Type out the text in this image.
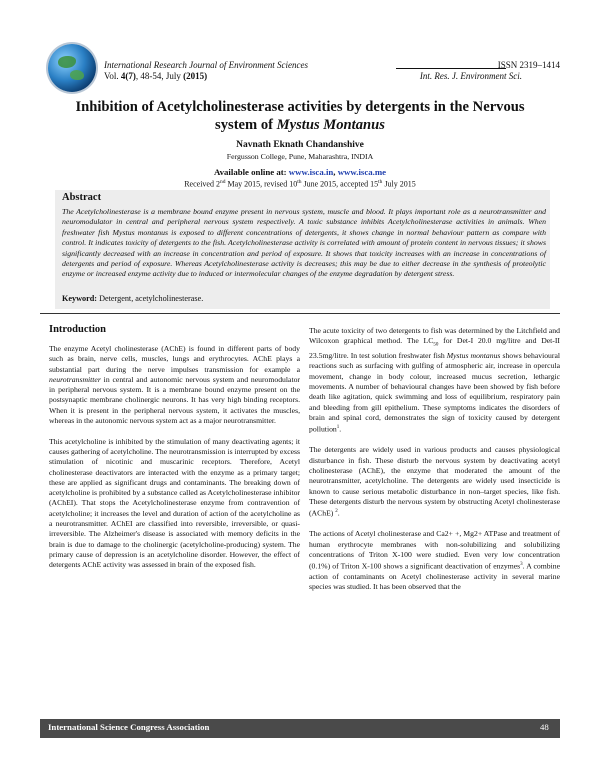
International Research Journal of Environment Sciences	ISSN 2319–1414
Vol. 4(7), 48-54, July (2015)	Int. Res. J. Environment Sci.
Inhibition of Acetylcholinesterase activities by detergents in the Nervous
system of Mystus Montanus
Navnath Eknath Chandanshive
Fergusson College, Pune, Maharashtra, INDIA
Available online at: www.isca.in, www.isca.me
Received 2nd May 2015, revised 10th June 2015, accepted 15th July 2015
Abstract
The Acetylcholinesterase is a membrane bound enzyme present in nervous system, muscle and blood. It plays important role as a neurotransmitter and neuromodulator in central and peripheral nervous system respectively. A toxic substance inhibits Acetylcholinesterase activities in animals. When freshwater fish Mystus montanus is exposed to different concentrations of detergents, it shows change in normal behaviour pattern as compare with control. It indicates toxicity of detergents to the fish. Acetylcholinesterase activity is correlated with amount of protein content in nervous tissues; it shows significantly decreased with an increase in concentration and period of exposure. It shows that toxicity increases with an increase in concentrations of detergents and period of exposure. Whereas Acetylcholinesterase activity is decreases; this may be due to either decrease in the synthesis of proteolytic enzyme or increased enzyme activity due to induced or intermolecular changes of the enzyme degradation by detergent stress.
Keyword: Detergent, acetylcholinesterase.
Introduction

The enzyme Acetyl cholinesterase (AChE) is found in different parts of body such as brain, nerve cells, muscles, lungs and erythrocytes. AChE plays a substantial part during the nerve impulses transmission for example a neurotransmitter in central and autonomic nervous system and neuromodulator in peripheral nervous system. It is a membrane bound enzyme present on the postsynaptic membrane cholinergic neurons. It has very high binding receptors. When it is present in the peripheral nervous system, it activates the muscles, whereas in the autonomic nervous system act as a major neurotransmitter.

This acetylcholine is inhibited by the stimulation of many deactivating agents; it causes gathering of acetylcholine. The neurotransmission is interrupted by excess stimulation of nicotinic and muscarinic receptors. Therefore, Acetyl cholinesterase deactivators are interacted with the enzyme as a primary target; these are applied as significant drugs and contaminants. The breaking down of acetylcholine is prohibited by a substance called as Acetylcholinesterase inhibitor (AChEI). That stops the Acetylcholinesterase enzyme from contravention of acetylcholine; it increases the level and duration of action of the acetylcholine as a neurotransmitter. AChEI are classified into reversible, irreversible, or quasi-irreversible. The Alzheimer's disease is associated with memory deficits in the brain is due to damage to the cholinergic (acetylcholine-producing) system. The primary cause of depression is an acetylcholine disorder. However, the effect of detergents AChE activity was assessed in brain of the exposed fish.

The acute toxicity of two detergents to fish was determined by the Litchfield and Wilcoxon graphical method. The $LC_{50}$ for Det-I 20.0 mg/litre and Det-II 23.5mg/litre. In test solution freshwater fish Mystus montanus shows behavioural reactions such as surfacing with gulfing of atmospheric air, increase in opercula movement, change in body colour, increased mucus secretion, lethargic movements. A number of behavioural changes have been showed by fish before death like agitation, quick swimming and loss of equilibrium, respiratory pain and bleeding from gill epithelium. These symptoms indicates the disorders of brain and spinal cord, demonstrates the sign of toxicity caused by detergent pollution$^1$.

The detergents are widely used in various products and causes physiological disturbance in fish. These disturb the nervous system by deactivating acetyl cholinesterase (AChE), the enzyme that moderated the amount of the neurotransmitter, acetylcholine. The detergents are widely used insecticide is known to cause serious metabolic disturbance in non–target species, like fish. These detergents disturb the nervous system by obstructing Acetyl cholinesterase (AChE) $^2$.

The actions of Acetyl cholinesterase and Ca2+ +, Mg2+ ATPase and treatment of human erythrocyte membranes with non-solubilizing and solubilizing concentrations of Triton X-100 were studied. Even very low concentration (0.1%) of Triton X-100 shows a significant deactivation of enzymes$^3$. A combine action of contaminants on Acetyl cholinesterase activity in several marine species was studied. It has been observed that the

International Science Congress Association	48
